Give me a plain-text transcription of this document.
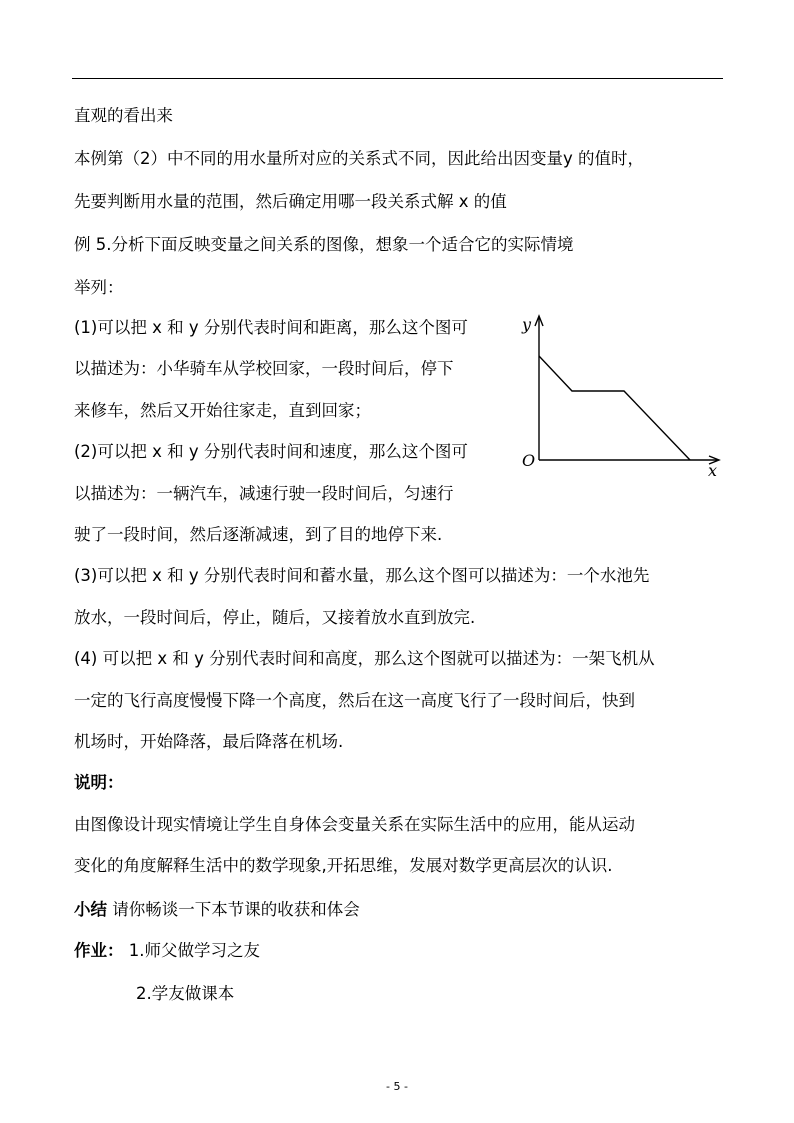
直观的看出来
本例第（2）中不同的用水量所对应的关系式不同，因此给出因变量y 的值时，
先要判断用水量的范围，然后确定用哪一段关系式解 x 的值
例 5.分析下面反映变量之间关系的图像，想象一个适合它的实际情境
举列：
(1)可以把 x 和 y 分别代表时间和距离，那么这个图可
以描述为：小华骑车从学校回家，一段时间后，停下
来修车，然后又开始往家走，直到回家；
(2)可以把 x 和 y 分别代表时间和速度，那么这个图可
以描述为：一辆汽车，减速行驶一段时间后，匀速行
驶了一段时间，然后逐渐减速，到了目的地停下来.
(3)可以把 x 和 y 分别代表时间和蓄水量，那么这个图可以描述为：一个水池先
放水，一段时间后，停止，随后，又接着放水直到放完.
(4) 可以把 x 和 y 分别代表时间和高度，那么这个图就可以描述为：一架飞机从
一定的飞行高度慢慢下降一个高度，然后在这一高度飞行了一段时间后，快到
机场时，开始降落，最后降落在机场.
说明：
由图像设计现实情境让学生自身体会变量关系在实际生活中的应用，能从运动
变化的角度解释生活中的数学现象,开拓思维，发展对数学更高层次的认识.
小结 请你畅谈一下本节课的收获和体会
作业： 1.师父做学习之友
2.学友做课本
y
x
O
- 5 -
